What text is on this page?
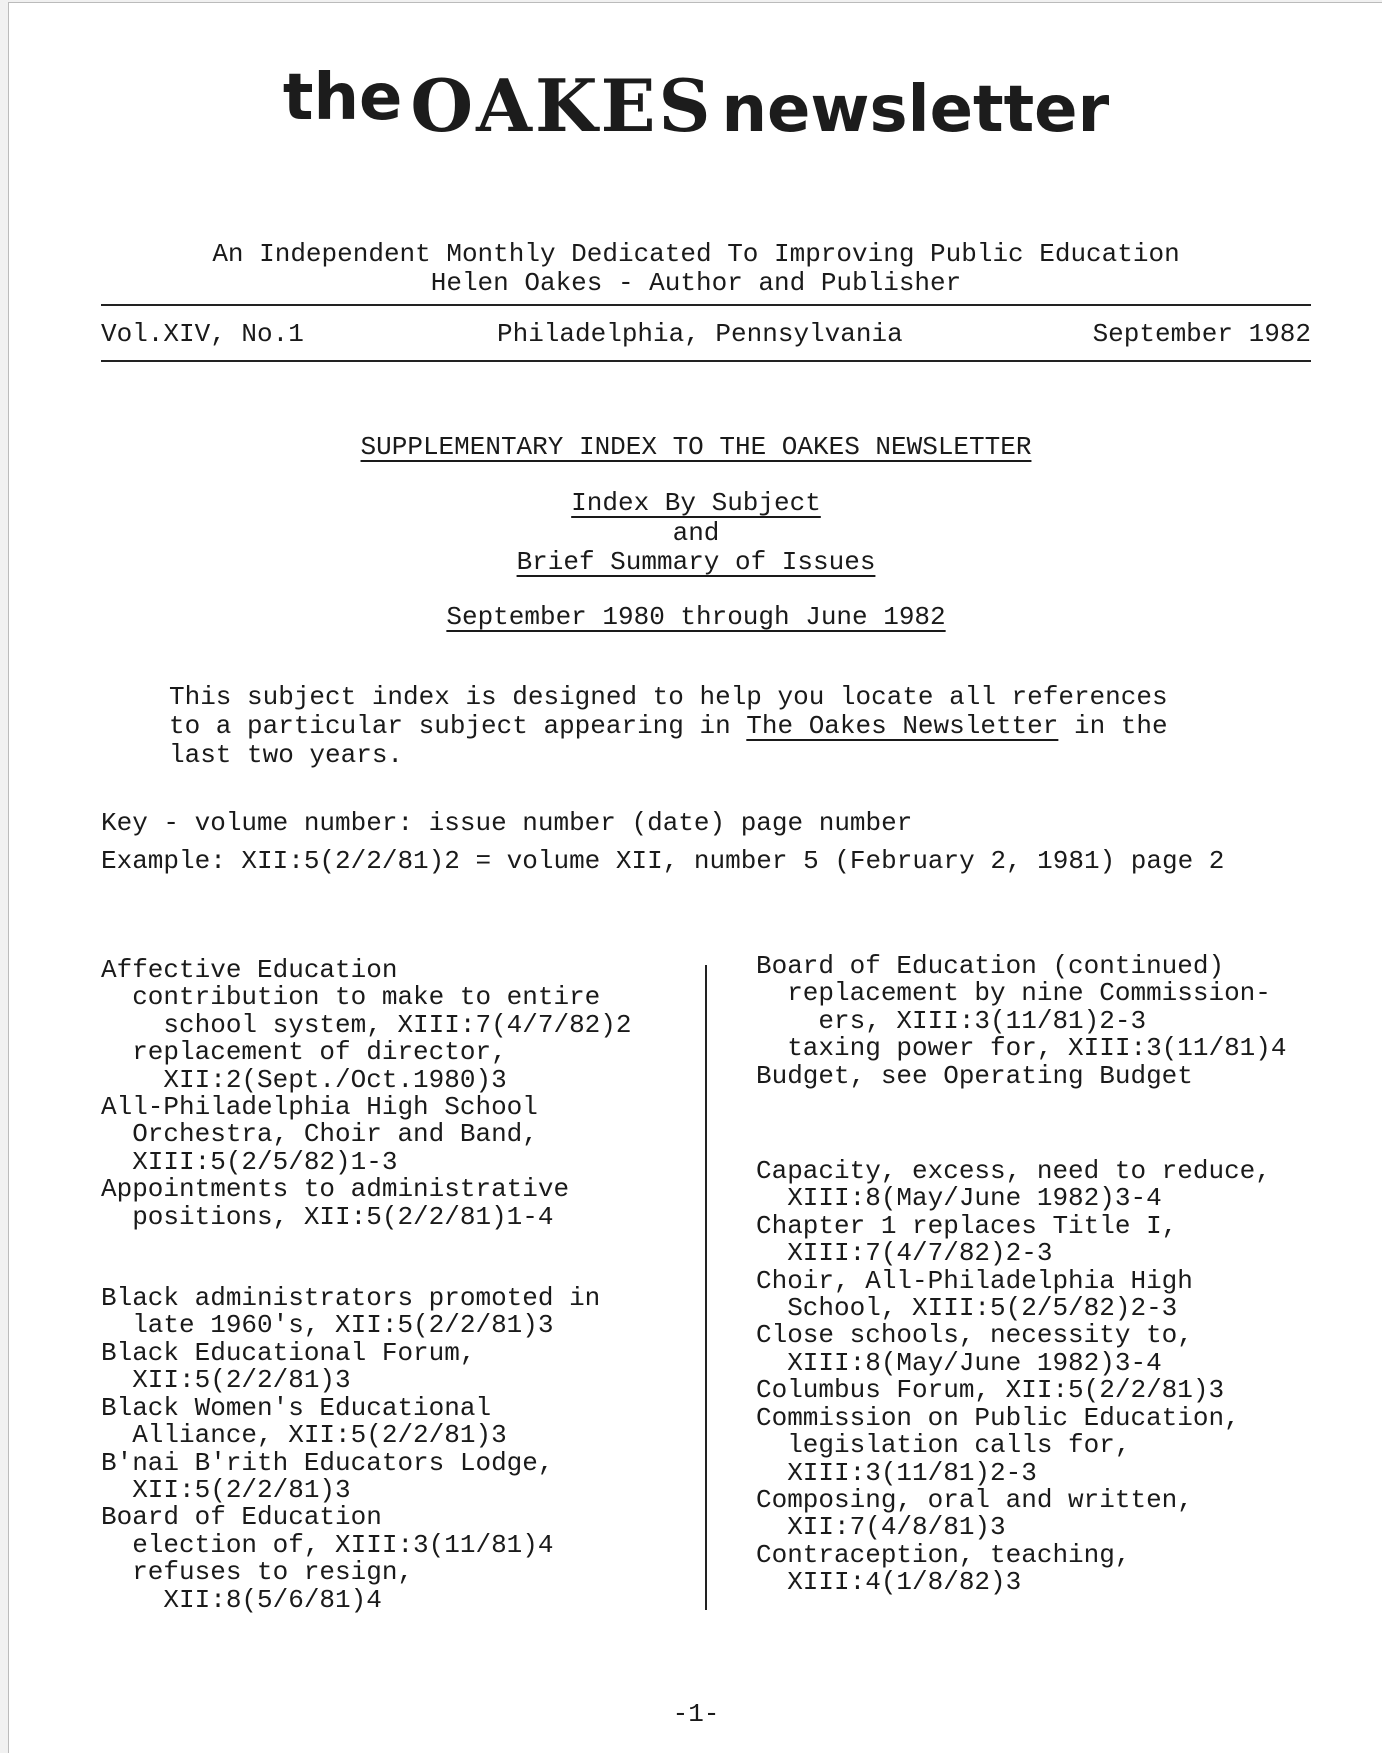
the OAKES newsletter
An Independent Monthly Dedicated To Improving Public Education
Helen Oakes - Author and Publisher
Vol.XIV, No.1	Philadelphia, Pennsylvania	September 1982
SUPPLEMENTARY INDEX TO THE OAKES NEWSLETTER
Index By Subject
and
Brief Summary of Issues
September 1980 through June 1982
This subject index is designed to help you locate all references
to a particular subject appearing in The Oakes Newsletter in the
last two years.
Key - volume number: issue number (date) page number
Example: XII:5(2/2/81)2 = volume XII, number 5 (February 2, 1981) page 2
Affective Education
contribution to make to entire
school system, XIII:7(4/7/82)2
replacement of director,
XII:2(Sept./Oct.1980)3
All-Philadelphia High School
Orchestra, Choir and Band,
XIII:5(2/5/82)1-3
Appointments to administrative
positions, XII:5(2/2/81)1-4
Black administrators promoted in
late 1960's, XII:5(2/2/81)3
Black Educational Forum,
XII:5(2/2/81)3
Black Women's Educational
Alliance, XII:5(2/2/81)3
B'nai B'rith Educators Lodge,
XII:5(2/2/81)3
Board of Education
election of, XIII:3(11/81)4
refuses to resign,
XII:8(5/6/81)4
Board of Education (continued)
replacement by nine Commission-
ers, XIII:3(11/81)2-3
taxing power for, XIII:3(11/81)4
Budget, see Operating Budget
Capacity, excess, need to reduce,
XIII:8(May/June 1982)3-4
Chapter 1 replaces Title I,
XIII:7(4/7/82)2-3
Choir, All-Philadelphia High
School, XIII:5(2/5/82)2-3
Close schools, necessity to,
XIII:8(May/June 1982)3-4
Columbus Forum, XII:5(2/2/81)3
Commission on Public Education,
legislation calls for,
XIII:3(11/81)2-3
Composing, oral and written,
XII:7(4/8/81)3
Contraception, teaching,
XIII:4(1/8/82)3
-1-
